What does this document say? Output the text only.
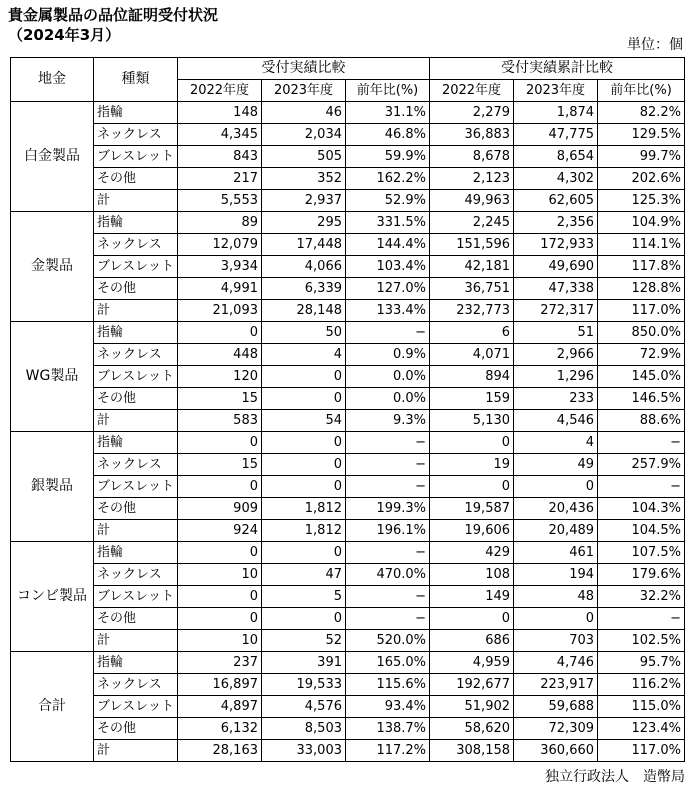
貴金属製品の品位証明受付状況
（2024年3月）
単位：個
地金	種類	受付実績比較			受付実績累計比較		
		2022年度	2023年度	前年比(%)	2022年度	2023年度	前年比(%)
白金製品	指輪	148	46	31.1%	2,279	1,874	82.2%
	ネックレス	4,345	2,034	46.8%	36,883	47,775	129.5%
	ブレスレット	843	505	59.9%	8,678	8,654	99.7%
	その他	217	352	162.2%	2,123	4,302	202.6%
	計	5,553	2,937	52.9%	49,963	62,605	125.3%
金製品	指輪	89	295	331.5%	2,245	2,356	104.9%
	ネックレス	12,079	17,448	144.4%	151,596	172,933	114.1%
	ブレスレット	3,934	4,066	103.4%	42,181	49,690	117.8%
	その他	4,991	6,339	127.0%	36,751	47,338	128.8%
	計	21,093	28,148	133.4%	232,773	272,317	117.0%
WG製品	指輪	0	50	−	6	51	850.0%
	ネックレス	448	4	0.9%	4,071	2,966	72.9%
	ブレスレット	120	0	0.0%	894	1,296	145.0%
	その他	15	0	0.0%	159	233	146.5%
	計	583	54	9.3%	5,130	4,546	88.6%
銀製品	指輪	0	0	−	0	4	−
	ネックレス	15	0	−	19	49	257.9%
	ブレスレット	0	0	−	0	0	−
	その他	909	1,812	199.3%	19,587	20,436	104.3%
	計	924	1,812	196.1%	19,606	20,489	104.5%
コンビ製品	指輪	0	0	−	429	461	107.5%
	ネックレス	10	47	470.0%	108	194	179.6%
	ブレスレット	0	5	−	149	48	32.2%
	その他	0	0	−	0	0	−
	計	10	52	520.0%	686	703	102.5%
合計	指輪	237	391	165.0%	4,959	4,746	95.7%
	ネックレス	16,897	19,533	115.6%	192,677	223,917	116.2%
	ブレスレット	4,897	4,576	93.4%	51,902	59,688	115.0%
	その他	6,132	8,503	138.7%	58,620	72,309	123.4%
	計	28,163	33,003	117.2%	308,158	360,660	117.0%
独立行政法人　造幣局
